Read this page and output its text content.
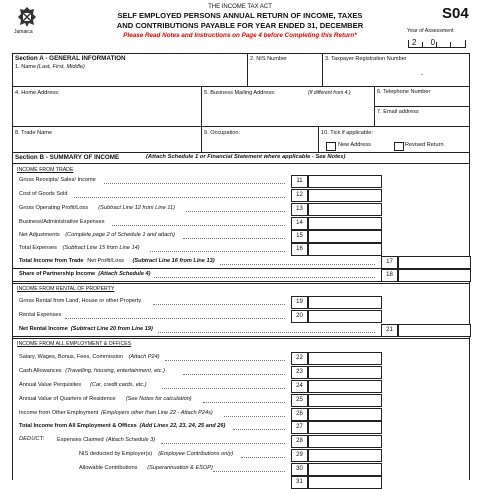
Jamaica
THE INCOME TAX ACT
SELF EMPLOYED PERSONS ANNUAL RETURN OF INCOME, TAXES
AND CONTRIBUTIONS PAYABLE FOR YEAR ENDED 31, DECEMBER
Please Read Notes and Instructions on Page 4 before Completing this Return*
S04
Year of Assessment
2 0
Section A - GENERAL INFORMATION
1. Name (Last, First, Middle)
2. NIS Number	3. Taxpayer Registration Number
-
4. Home Address:	5. Business Mailing Address:	(If different from 4.)	6. Telephone Number
7. Email address
8. Trade Name	9. Occupation:	10. Tick if applicable:
New Address	Revised Return
Section B - SUMMARY OF INCOME	(Attach Schedule 1 or Financial Statement where applicable - See Notes)
INCOME FROM TRADE
Gross Receipts/ Sales/ Income	11
Cost of Goods Sold	12
Gross Operating Profit/Loss (Subtract Line 12 from Line 11)	13
Business/Administrative Expenses	14
Net Adjustments (Complete page 2 of Schedule 1 and attach)	15
Total Expenses (Subtract Line 15 from Line 14)	16
Total Income from Trade Net Profit/Loss (Subtract Line 16 from Line 13)	17
Share of Partnership Income (Attach Schedule 4)	18
Gross Rental from Land, House or other Property	19
Rental Expenses	20
Net Rental Income (Subtract Line 20 from Line 19)	21
Salary, Wages, Bonus, Fees, Commission (Attach P24)	22
Cash Allowances (Travelling, housing, entertainment, etc.)	23
Annual Value Perquisites (Car, credit cards, etc.)	24
Annual Value of Quarters of Residence (See Notes for calculation)	25
Income from Other Employment (Employers other than Line 22 - Attach P24s)	26
Total Income from All Employment & Offices (Add Lines 22, 23, 24, 25 and 26)	27
Expenses Claimed (Attach Schedule 3)	28
NIS deducted by Employer(s) (Employee Contributions only)	29
Allowable Contributions (Superannuation & ESOP)	30
31
INCOME FROM RENTAL OF PROPERTY
INCOME FROM ALL EMPLOYMENT & OFFICES
DEDUCT:
